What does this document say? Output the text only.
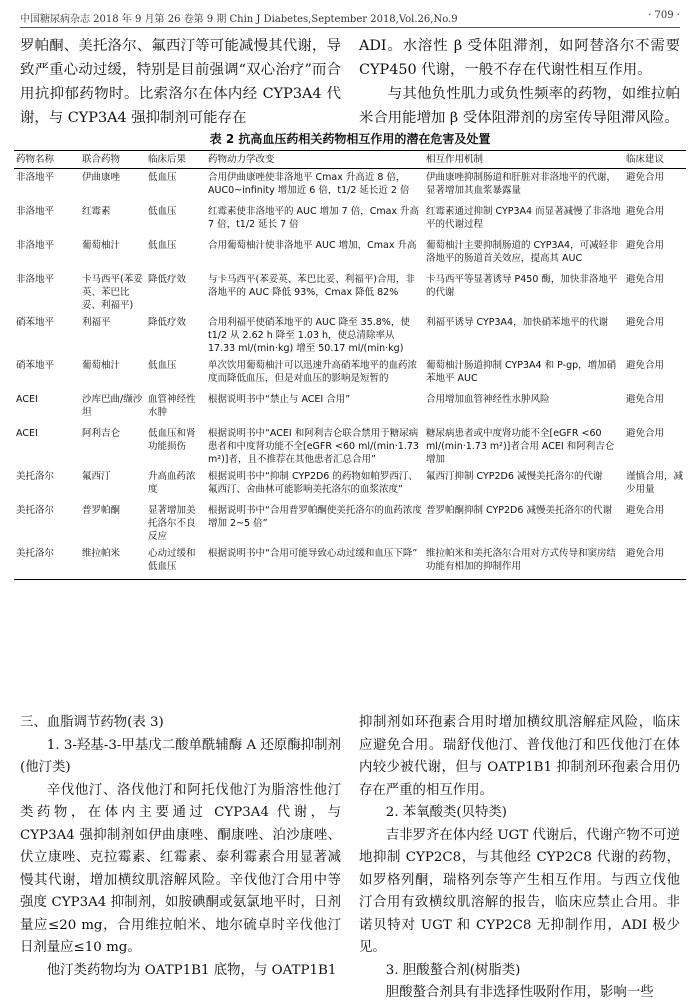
中国糖尿病杂志 2018 年 9 月第 26 卷第 9 期 Chin J Diabetes,September 2018,Vol.26,No.9	· 709 ·

罗帕酮、美托洛尔、氟西汀等可能减慢其代谢，导致严重心动过缓，特别是目前强调“双心治疗”而合用抗抑郁药物时。比索洛尔在体内经 CYP3A4 代谢，与 CYP3A4 强抑制剂可能存在

ADI。水溶性 β 受体阻滞剂，如阿替洛尔不需要 CYP450 代谢，一般不存在代谢性相互作用。

与其他负性肌力或负性频率的药物，如维拉帕米合用能增加 β 受体阻滞剂的房室传导阻滞风险。

表 2 抗高血压药相关药物相互作用的潜在危害及处置
药物名称	联合药物	临床后果	药物动力学改变	相互作用机制	临床建议
非洛地平	伊曲康唑	低血压	合用伊曲康唑使非洛地平 Cmax 升高近 8 倍，AUC0~infinity 增加近 6 倍，t1/2 延长近 2 倍	伊曲康唑抑制肠道和肝脏对非洛地平的代谢，显著增加其血浆暴露量	避免合用
非洛地平	红霉素	低血压	红霉素使非洛地平的 AUC 增加 7 倍，Cmax 升高 7 倍，t1/2 延长 7 倍	红霉素通过抑制 CYP3A4 而显著减慢了非洛地平的代谢过程	避免合用
非洛地平	葡萄柚汁	低血压	合用葡萄柚汁使非洛地平 AUC 增加，Cmax 升高	葡萄柚汁主要抑制肠道的 CYP3A4，可减轻非洛地平的肠道首关效应，提高其 AUC	避免合用
非洛地平	卡马西平(苯妥英、苯巴比妥、利福平)	降低疗效	与卡马西平(苯妥英、苯巴比妥、利福平)合用，非洛地平的 AUC 降低 93%，Cmax 降低 82%	卡马西平等显著诱导 P450 酶，加快非洛地平的代谢	避免合用
硝苯地平	利福平	降低疗效	合用利福平使硝苯地平的 AUC 降至 35.8%，使 t1/2 从 2.62 h 降至 1.03 h，使总清除率从 17.33 ml/(min·kg) 增至 50.17 ml/(min·kg)	利福平诱导 CYP3A4，加快硝苯地平的代谢	避免合用
硝苯地平	葡萄柚汁	低血压	单次饮用葡萄柚汁可以迅速升高硝苯地平的血药浓度而降低血压，但是对血压的影响是短暂的	葡萄柚汁肠道抑制 CYP3A4 和 P-gp，增加硝苯地平 AUC	避免合用
ACEI	沙库巴曲/缬沙坦	血管神经性水肿	根据说明书中“禁止与 ACEI 合用”	合用增加血管神经性水肿风险	避免合用
ACEI	阿利吉仑	低血压和肾功能损伤	根据说明书中“ACEI 和阿利吉仑联合禁用于糖尿病患者和中度肾功能不全[eGFR <60 ml/(min·1.73 m²)]者，且不推荐在其他患者汇总合用”	糖尿病患者或中度肾功能不全[eGFR <60 ml/(min·1.73 m²)]者合用 ACEI 和阿利吉仑增加	避免合用
美托洛尔	氟西汀	升高血药浓度	根据说明书中“抑制 CYP2D6 的药物如帕罗西汀、氟西汀、舍曲林可能影响美托洛尔的血浆浓度”	氟西汀抑制 CYP2D6 减慢美托洛尔的代谢	谨慎合用，减少用量
美托洛尔	普罗帕酮	显著增加美托洛尔不良反应	根据说明书中“合用普罗帕酮使美托洛尔的血药浓度增加 2~5 倍”	普罗帕酮抑制 CYP2D6 减慢美托洛尔的代谢	避免合用
美托洛尔	维拉帕米	心动过缓和低血压	根据说明书中“合用可能导致心动过缓和血压下降”	维拉帕米和美托洛尔合用对方式传导和窦房结功能有相加的抑制作用	避免合用

三、血脂调节药物(表 3)

1. 3-羟基-3-甲基戊二酸单酰辅酶 A 还原酶抑制剂(他汀类)

辛伐他汀、洛伐他汀和阿托伐他汀为脂溶性他汀类药物，在体内主要通过 CYP3A4 代谢，与 CYP3A4 强抑制剂如伊曲康唑、酮康唑、泊沙康唑、伏立康唑、克拉霉素、红霉素、泰利霉素合用显著减慢其代谢，增加横纹肌溶解风险。辛伐他汀合用中等强度 CYP3A4 抑制剂，如胺碘酮或氨氯地平时，日剂量应≤20 mg，合用维拉帕米、地尔硫卓时辛伐他汀日剂量应≤10 mg。

他汀类药物均为 OATP1B1 底物，与 OATP1B1

抑制剂如环孢素合用时增加横纹肌溶解症风险，临床应避免合用。瑞舒伐他汀、普伐他汀和匹伐他汀在体内较少被代谢，但与 OATP1B1 抑制剂环孢素合用仍存在严重的相互作用。

2. 苯氧酸类(贝特类)

吉非罗齐在体内经 UGT 代谢后，代谢产物不可逆地抑制 CYP2C8，与其他经 CYP2C8 代谢的药物，如罗格列酮，瑞格列奈等产生相互作用。与西立伐他汀合用有致横纹肌溶解的报告，临床应禁止合用。非诺贝特对 UGT 和 CYP2C8 无抑制作用，ADI 极少见。

3. 胆酸螯合剂(树脂类)

胆酸螯合剂具有非选择性吸附作用，影响一些
